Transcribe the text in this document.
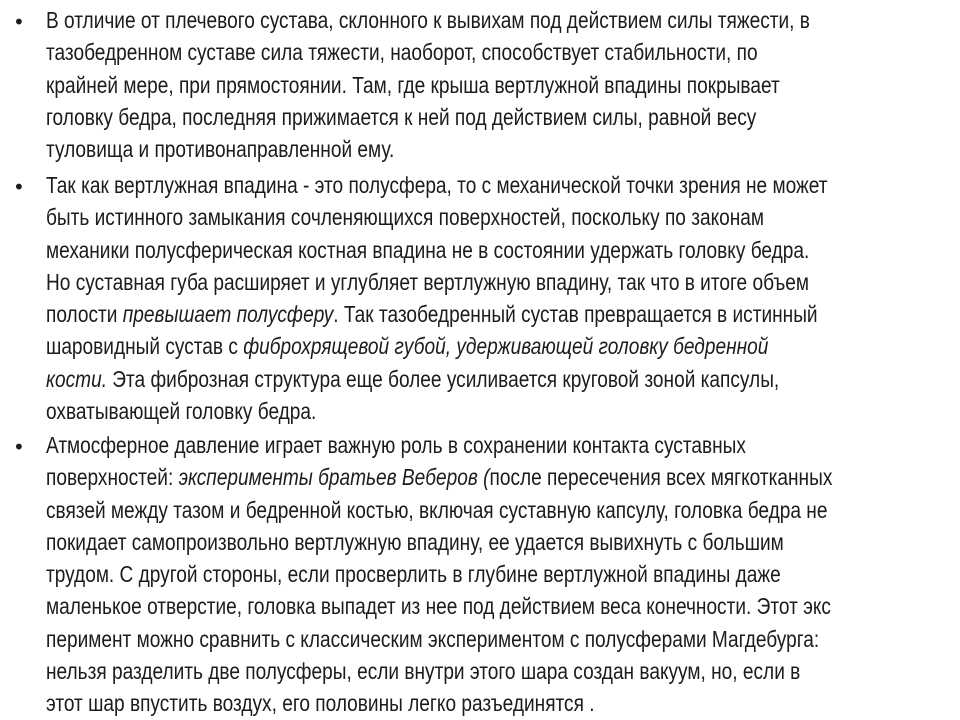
• В отличие от плечевого сустава, склонного к вывихам под действием силы тяжести, в
тазобедренном суставе сила тяжести, наоборот, способствует стабильности, по
крайней мере, при прямостоянии. Там, где крыша вертлужной впадины покрывает
головку бедра, последняя прижимается к ней под действием силы, равной весу
туловища и противонаправленной ему.
• Так как вертлужная впадина - это полусфера, то с механической точки зрения не может
быть истинного замыкания сочленяющихся поверхностей, поскольку по законам
механики полусферическая костная впадина не в состоянии удержать головку бедра.
Но суставная губа расширяет и углубляет вертлужную впадину, так что в итоге объем
полости превышает полусферу. Так тазобедренный сустав превращается в истинный
шаровидный сустав с фиброхрящевой губой, удерживающей головку бедренной
кости. Эта фиброзная структура еще более усиливается круговой зоной капсулы,
охватывающей головку бедра.
• Атмосферное давление играет важную роль в сохранении контакта суставных
поверхностей: эксперименты братьев Веберов (после пересечения всех мягкотканных
связей между тазом и бедренной костью, включая суставную капсулу, головка бедра не
покидает самопроизвольно вертлужную впадину, ее удается вывихнуть с большим
трудом. С другой стороны, если просверлить в глубине вертлужной впадины даже
маленькое отверстие, головка выпадет из нее под действием веса конечности. Этот экс
перимент можно сравнить с классическим экспериментом с полусферами Магдебурга:
нельзя разделить две полусферы, если внутри этого шара создан вакуум, но, если в
этот шар впустить воздух, его половины легко разъединятся .
